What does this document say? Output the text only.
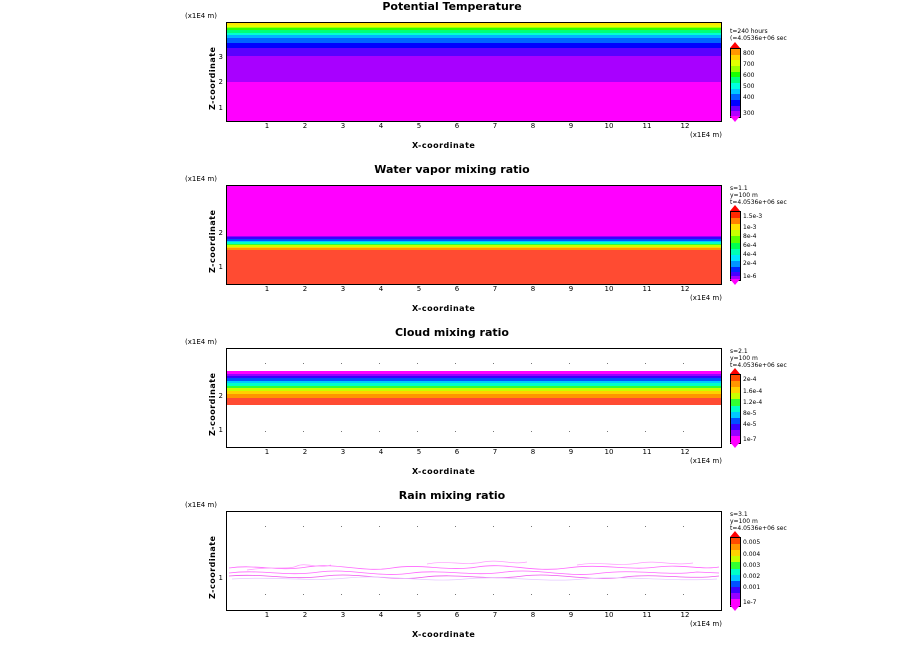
Potential Temperature
(x1E4 m)
Z-coordinate 1
2
3
1	2	3	4	5	6	7	8	9	10	11	12
(x1E4 m)
X-coordinate
t=240 hours
(=4.0536e+06 sec
800
700
600
500
400
300
Water vapor mixing ratio
(x1E4 m)
Z-coordinate 1
2
1	2	3	4	5	6	7	8	9	10	11	12
(x1E4 m)
X-coordinate
s=1.1
y=100 m
t=4.0536e+06 sec
1.5e-3
1e-3
8e-4
6e-4
4e-4
2e-4
1e-6
Cloud mixing ratio
(x1E4 m)
Z-coordinate 1
2
1	2	3	4	5	6	7	8	9	10	11	12
(x1E4 m)
X-coordinate
s=2.1
y=100 m
t=4.0536e+06 sec
2e-4
1.6e-4
1.2e-4
8e-5
4e-5
1e-7
Rain mixing ratio
(x1E4 m)
Z-coordinate 1
1	2	3	4	5	6	7	8	9	10	11	12
(x1E4 m)
X-coordinate
s=3.1
y=100 m
t=4.0536e+06 sec
0.005
0.004
0.003
0.002
0.001
1e-7
